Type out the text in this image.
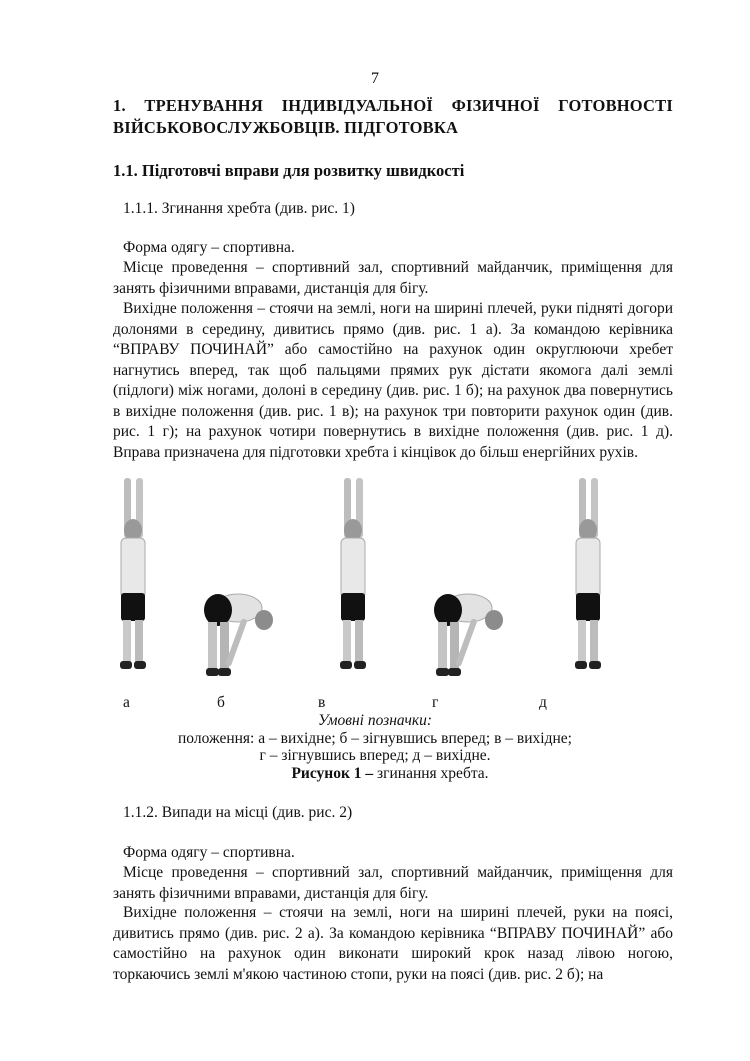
7
1. ТРЕНУВАННЯ ІНДИВІДУАЛЬНОЇ ФІЗИЧНОЇ ГОТОВНОСТІ ВІЙСЬКОВОСЛУЖБОВЦІВ. ПІДГОТОВКА
1.1. Підготовчі вправи для розвитку швидкості
1.1.1. Згинання хребта (див. рис. 1)
Форма одягу – спортивна.
Місце проведення – спортивний зал, спортивний майданчик, приміщення для занять фізичними вправами, дистанція для бігу.
Вихідне положення – стоячи на землі, ноги на ширині плечей, руки підняті догори долонями в середину, дивитись прямо (див. рис. 1 а). За командою керівника “ВПРАВУ ПОЧИНАЙ” або самостійно на рахунок один округлюючи хребет нагнутись вперед, так щоб пальцями прямих рук дістати якомога далі землі (підлоги) між ногами, долоні в середину (див. рис. 1 б); на рахунок два повернутись в вихідне положення (див. рис. 1 в); на рахунок три повторити рахунок один (див. рис. 1 г); на рахунок чотири повернутись в вихідне положення (див. рис. 1 д). Вправа призначена для підготовки хребта і кінцівок до більш енергійних рухів.
а	б	в	г	д
Умовні позначки:
положення: а – вихідне; б – зігнувшись вперед; в – вихідне;
г – зігнувшись вперед; д – вихідне.
Рисунок 1 – згинання хребта.
1.1.2. Випади на місці (див. рис. 2)
Форма одягу – спортивна.
Місце проведення – спортивний зал, спортивний майданчик, приміщення для занять фізичними вправами, дистанція для бігу.
Вихідне положення – стоячи на землі, ноги на ширині плечей, руки на поясі, дивитись прямо (див. рис. 2 а). За командою керівника “ВПРАВУ ПОЧИНАЙ” або самостійно на рахунок один виконати широкий крок назад лівою ногою, торкаючись землі м'якою частиною стопи, руки на поясі (див. рис. 2 б); на
